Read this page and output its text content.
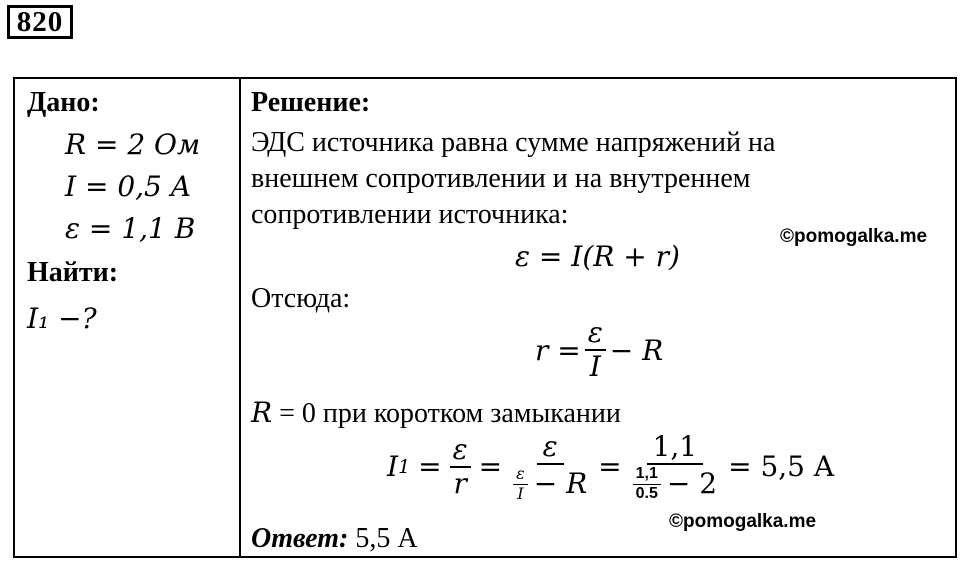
820
Дано:
R = 2 Ом
I = 0,5 A
ε = 1,1 B
Найти:
I₁ −?
Решение:
ЭДС источника равна сумме напряжений на
внешнем сопротивлении и на внутреннем
сопротивлении источника:
©pomogalka.me
ε = I(R + r)
Отсюда:
$r = \frac{\varepsilon}{I} - R$
R = 0 при коротком замыкании
I $1 = \frac{\varepsilon}{r} = \frac{\varepsilon}{\frac{\varepsilon}{I} - R} = \frac{1,1}{\frac{1,1}{0.5} - 2} = 5,5$ A
©pomogalka.me
Ответ: 5,5 A
